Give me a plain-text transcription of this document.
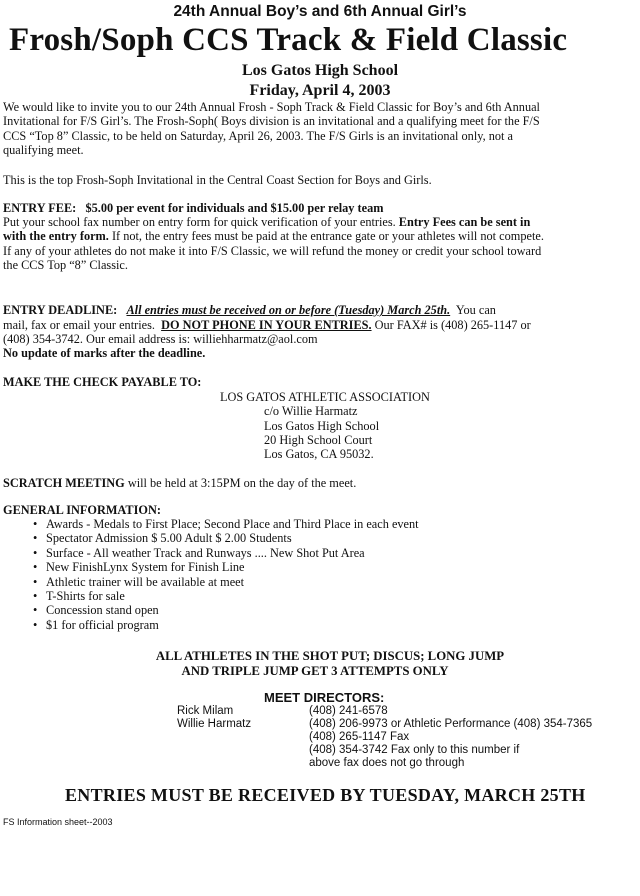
24th Annual Boy’s and 6th Annual Girl’s
Frosh/Soph CCS Track & Field Classic
Los Gatos High School
Friday, April 4, 2003
We would like to invite you to our 24th Annual Frosh - Soph Track & Field Classic for Boy’s and 6th Annual
Invitational for F/S Girl’s. The Frosh-Soph( Boys division is an invitational and a qualifying meet for the F/S
CCS “Top 8” Classic, to be held on Saturday, April 26, 2003. The F/S Girls is an invitational only, not a
qualifying meet.
This is the top Frosh-Soph Invitational in the Central Coast Section for Boys and Girls.
ENTRY FEE: $5.00 per event for individuals and $15.00 per relay team
Put your school fax number on entry form for quick verification of your entries. Entry Fees can be sent in
with the entry form. If not, the entry fees must be paid at the entrance gate or your athletes will not compete.
If any of your athletes do not make it into F/S Classic, we will refund the money or credit your school toward
the CCS Top “8” Classic.
ENTRY DEADLINE: All entries must be received on or before (Tuesday) March 25th. You can
mail, fax or email your entries. DO NOT PHONE IN YOUR ENTRIES. Our FAX# is (408) 265-1147 or
(408) 354-3742. Our email address is: williehharmatz@aol.com
No update of marks after the deadline.
MAKE THE CHECK PAYABLE TO:
LOS GATOS ATHLETIC ASSOCIATION
c/o Willie Harmatz
Los Gatos High School
20 High School Court
Los Gatos, CA 95032.
SCRATCH MEETING will be held at 3:15PM on the day of the meet.
GENERAL INFORMATION:
• Awards - Medals to First Place; Second Place and Third Place in each event
• Spectator Admission $ 5.00 Adult $ 2.00 Students
• Surface - All weather Track and Runways .... New Shot Put Area
• New FinishLynx System for Finish Line
• Athletic trainer will be available at meet
• T-Shirts for sale
• Concession stand open
• $1 for official program
ALL ATHLETES IN THE SHOT PUT; DISCUS; LONG JUMP
AND TRIPLE JUMP GET 3 ATTEMPTS ONLY
MEET DIRECTORS:
Rick Milam
Willie Harmatz
(408) 241-6578
(408) 206-9973 or Athletic Performance (408) 354-7365
(408) 265-1147 Fax
(408) 354-3742 Fax only to this number if
above fax does not go through
ENTRIES MUST BE RECEIVED BY TUESDAY, MARCH 25TH
FS Information sheet--2003
